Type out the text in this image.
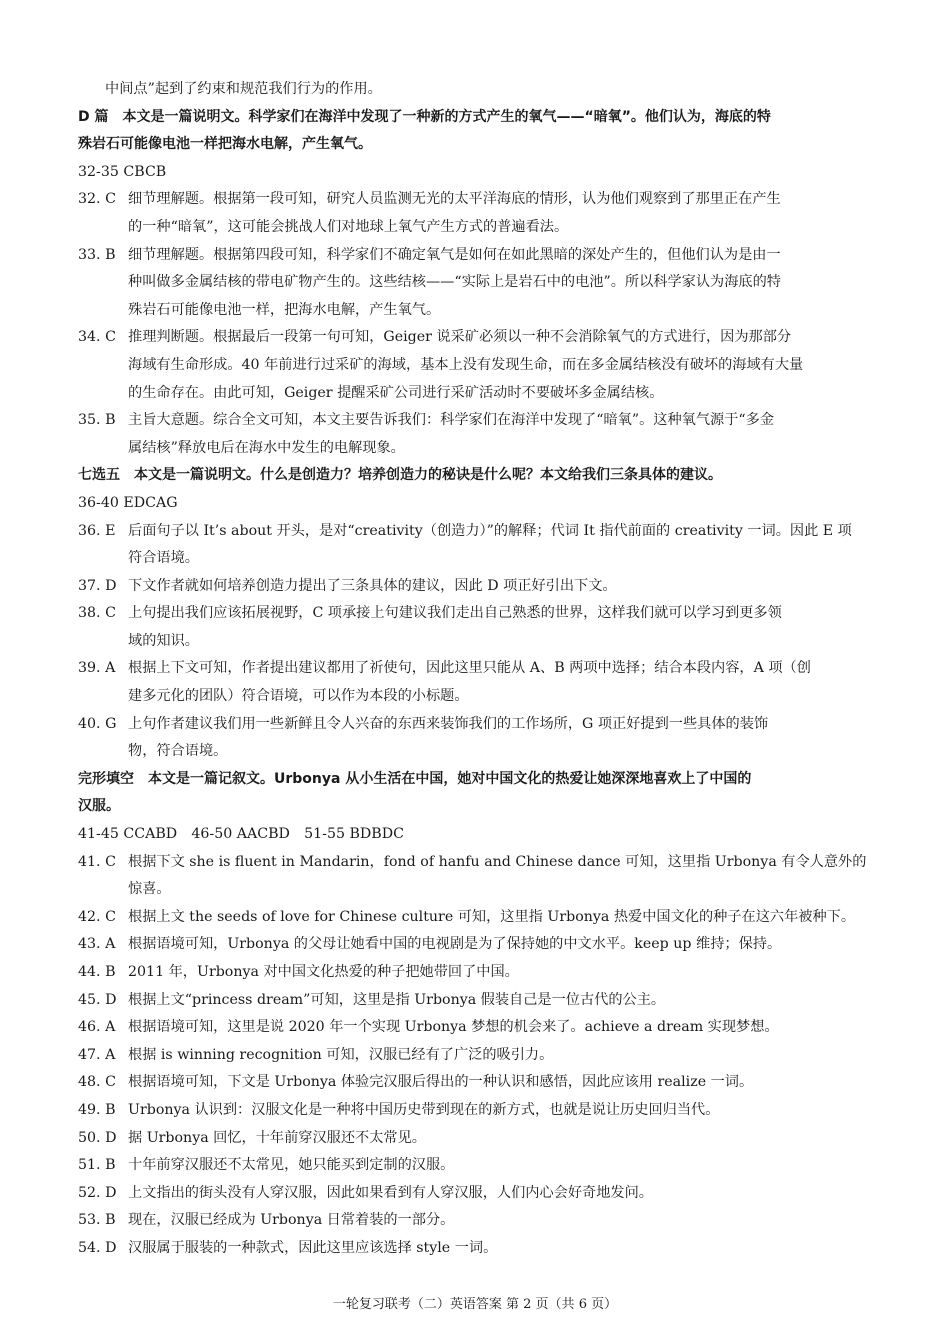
中间点”起到了约束和规范我们行为的作用。
D 篇　本文是一篇说明文。科学家们在海洋中发现了一种新的方式产生的氧气——“暗氧”。他们认为，海底的特
殊岩石可能像电池一样把海水电解，产生氧气。
32-35 CBCB
32. C 细节理解题。根据第一段可知，研究人员监测无光的太平洋海底的情形，认为他们观察到了那里正在产生
的一种“暗氧”，这可能会挑战人们对地球上氧气产生方式的普遍看法。
33. B 细节理解题。根据第四段可知，科学家们不确定氧气是如何在如此黑暗的深处产生的，但他们认为是由一
种叫做多金属结核的带电矿物产生的。这些结核——“实际上是岩石中的电池”。所以科学家认为海底的特
殊岩石可能像电池一样，把海水电解，产生氧气。
34. C 推理判断题。根据最后一段第一句可知，Geiger 说采矿必须以一种不会消除氧气的方式进行，因为那部分
海域有生命形成。40 年前进行过采矿的海域，基本上没有发现生命，而在多金属结核没有破坏的海域有大量
的生命存在。由此可知，Geiger 提醒采矿公司进行采矿活动时不要破坏多金属结核。
35. B 主旨大意题。综合全文可知，本文主要告诉我们：科学家们在海洋中发现了“暗氧”。这种氧气源于“多金
属结核”释放电后在海水中发生的电解现象。
七选五　本文是一篇说明文。什么是创造力？培养创造力的秘诀是什么呢？本文给我们三条具体的建议。
36-40 EDCAG
36. E 后面句子以 It’s about 开头，是对“creativity（创造力）”的解释；代词 It 指代前面的 creativity 一词。因此 E 项
符合语境。
37. D 下文作者就如何培养创造力提出了三条具体的建议，因此 D 项正好引出下文。
38. C 上句提出我们应该拓展视野，C 项承接上句建议我们走出自己熟悉的世界，这样我们就可以学习到更多领
域的知识。
39. A 根据上下文可知，作者提出建议都用了祈使句，因此这里只能从 A、B 两项中选择；结合本段内容，A 项（创
建多元化的团队）符合语境，可以作为本段的小标题。
40. G 上句作者建议我们用一些新鲜且令人兴奋的东西来装饰我们的工作场所，G 项正好提到一些具体的装饰
物，符合语境。
完形填空　本文是一篇记叙文。Urbonya 从小生活在中国，她对中国文化的热爱让她深深地喜欢上了中国的
汉服。
41-45 CCABD　46-50 AACBD　51-55 BDBDC
41. C 根据下文 she is fluent in Mandarin，fond of hanfu and Chinese dance 可知，这里指 Urbonya 有令人意外的
惊喜。
42. C 根据上文 the seeds of love for Chinese culture 可知，这里指 Urbonya 热爱中国文化的种子在这六年被种下。
43. A 根据语境可知，Urbonya 的父母让她看中国的电视剧是为了保持她的中文水平。keep up 维持；保持。
44. B 2011 年，Urbonya 对中国文化热爱的种子把她带回了中国。
45. D 根据上文“princess dream”可知，这里是指 Urbonya 假装自己是一位古代的公主。
46. A 根据语境可知，这里是说 2020 年一个实现 Urbonya 梦想的机会来了。achieve a dream 实现梦想。
47. A 根据 is winning recognition 可知，汉服已经有了广泛的吸引力。
48. C 根据语境可知，下文是 Urbonya 体验完汉服后得出的一种认识和感悟，因此应该用 realize 一词。
49. B Urbonya 认识到：汉服文化是一种将中国历史带到现在的新方式，也就是说让历史回归当代。
50. D 据 Urbonya 回忆，十年前穿汉服还不太常见。
51. B 十年前穿汉服还不太常见，她只能买到定制的汉服。
52. D 上文指出的街头没有人穿汉服，因此如果看到有人穿汉服，人们内心会好奇地发问。
53. B 现在，汉服已经成为 Urbonya 日常着装的一部分。
54. D 汉服属于服装的一种款式，因此这里应该选择 style 一词。
一轮复习联考（二）英语答案 第 2 页（共 6 页）
